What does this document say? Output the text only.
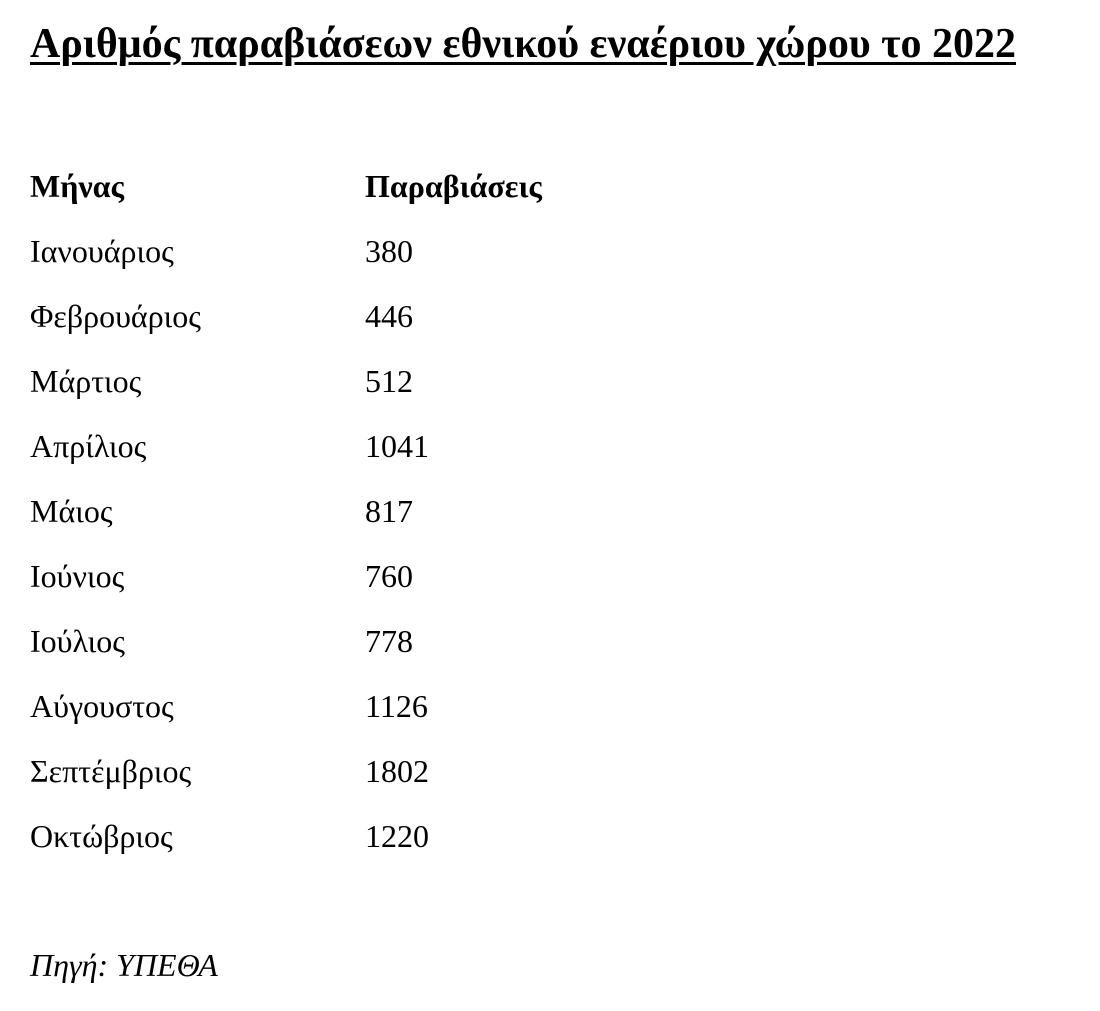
Αριθμός παραβιάσεων εθνικού εναέριου χώρου το 2022
Μήνας	Παραβιάσεις
Ιανουάριος	380
Φεβρουάριος	446
Μάρτιος	512
Απρίλιος	1041
Μάιος	817
Ιούνιος	760
Ιούλιος	778
Αύγουστος	1126
Σεπτέμβριος	1802
Οκτώβριος	1220
Πηγή: ΥΠΕΘΑ
